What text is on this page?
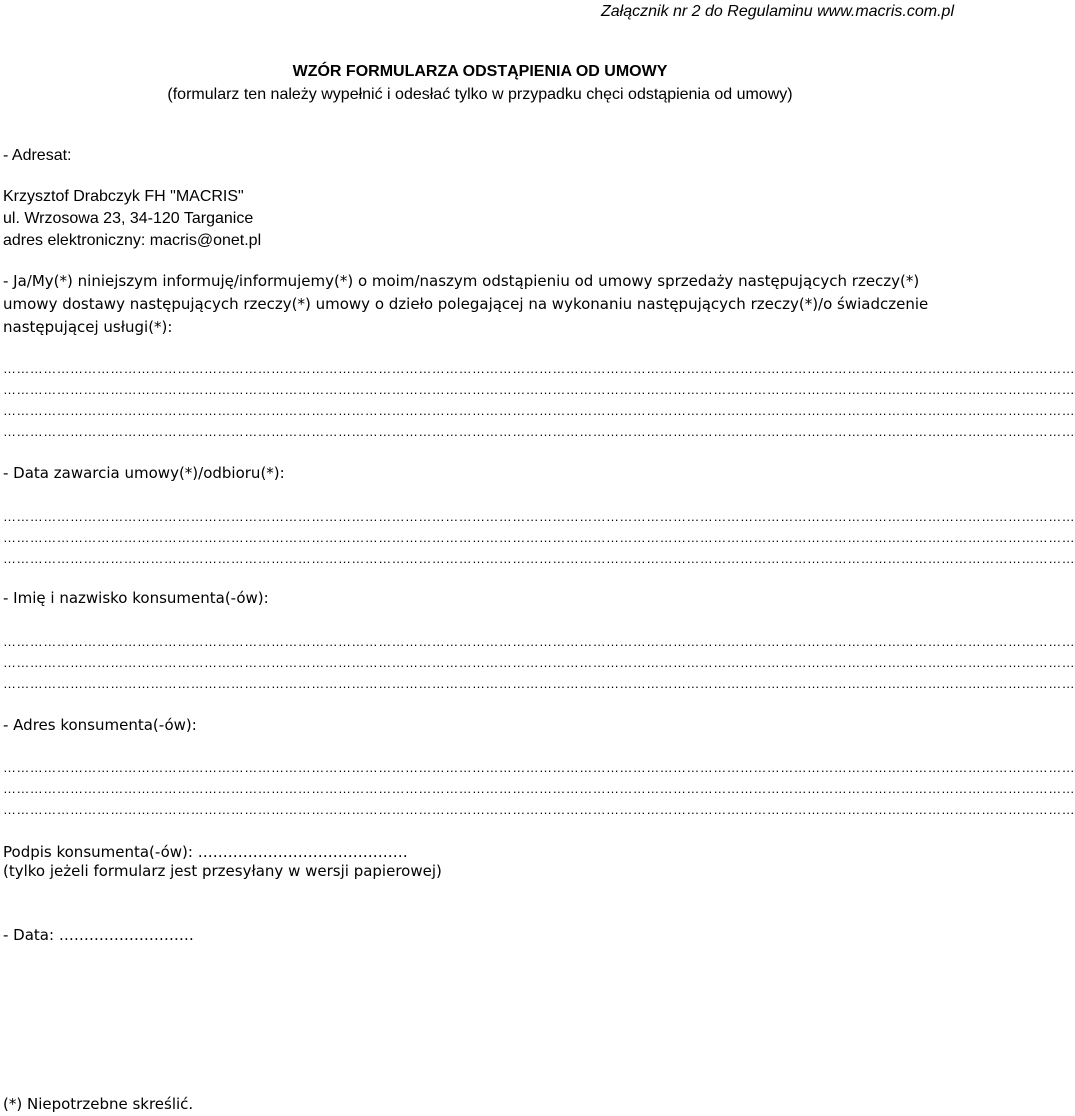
Załącznik nr 2 do Regulaminu www.macris.com.pl
WZÓR FORMULARZA ODSTĄPIENIA OD UMOWY
(formularz ten należy wypełnić i odesłać tylko w przypadku chęci odstąpienia od umowy)
- Adresat:
Krzysztof Drabczyk FH "MACRIS"
ul. Wrzosowa 23, 34-120 Targanice
adres elektroniczny: macris@onet.pl
- Ja/My(*) niniejszym informuję/informujemy(*) o moim/naszym odstąpieniu od umowy sprzedaży następujących rzeczy(*) umowy dostawy następujących rzeczy(*) umowy o dzieło polegającej na wykonaniu następujących rzeczy(*)/o świadczenie następującej usługi(*):
……………………………………………………………………………………………………………………………………………………………………………………………………………………
……………………………………………………………………………………………………………………………………………………………………………………………………………………
……………………………………………………………………………………………………………………………………………………………………………………………………………………
……………………………………………………………………………………………………………………………………………………………………………………………………………………
- Data zawarcia umowy(*)/odbioru(*):
……………………………………………………………………………………………………………………………………………………………………………………………………………………
……………………………………………………………………………………………………………………………………………………………………………………………………………………
……………………………………………………………………………………………………………………………………………………………………………………………………………………
- Imię i nazwisko konsumenta(-ów):
……………………………………………………………………………………………………………………………………………………………………………………………………………………
……………………………………………………………………………………………………………………………………………………………………………………………………………………
……………………………………………………………………………………………………………………………………………………………………………………………………………………
- Adres konsumenta(-ów):
……………………………………………………………………………………………………………………………………………………………………………………………………………………
……………………………………………………………………………………………………………………………………………………………………………………………………………………
……………………………………………………………………………………………………………………………………………………………………………………………………………………
Podpis konsumenta(-ów): ……………………………………
(tylko jeżeli formularz jest przesyłany w wersji papierowej)
- Data: ………………………
(*) Niepotrzebne skreślić.
